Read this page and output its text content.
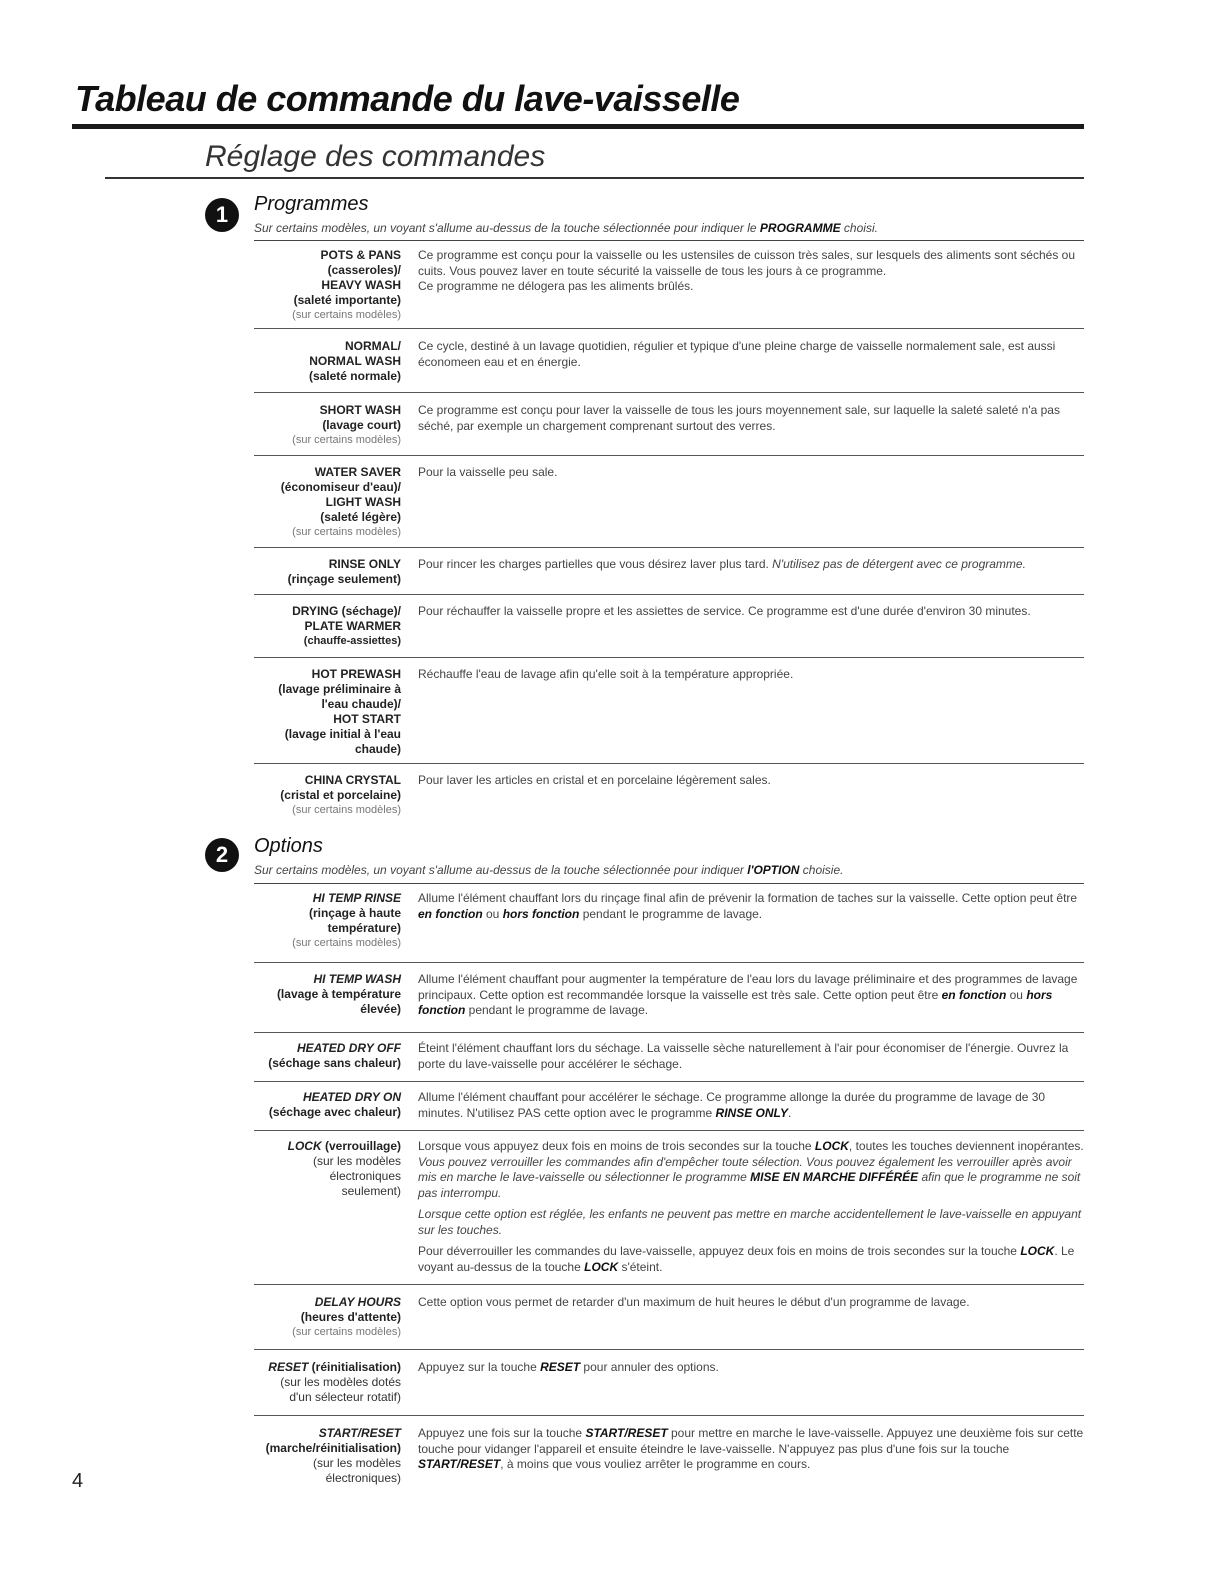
Tableau de commande du lave-vaisselle
Réglage des commandes
1	Programmes

Sur certains modèles, un voyant s'allume au-dessus de la touche sélectionnée pour indiquer le PROGRAMME choisi.

POTS & PANS
(casseroles)/
HEAVY WASH
(saleté importante)
(sur certains modèles)

Ce programme est conçu pour la vaisselle ou les ustensiles de cuisson très sales, sur lesquels des aliments sont séchés ou cuits. Vous pouvez laver en toute sécurité la vaisselle de tous les jours à ce programme.

Ce programme ne délogera pas les aliments brûlés.

NORMAL/
NORMAL WASH
(saleté normale)

Ce cycle, destiné à un lavage quotidien, régulier et typique d'une pleine charge de vaisselle normalement sale, est aussi économeen eau et en énergie.

SHORT WASH
(lavage court)
(sur certains modèles)

Ce programme est conçu pour laver la vaisselle de tous les jours moyennement sale, sur laquelle la saleté saleté n'a pas séché, par exemple un chargement comprenant surtout des verres.

WATER SAVER
(économiseur d'eau)/
LIGHT WASH
(saleté légère)
(sur certains modèles)

Pour la vaisselle peu sale.

RINSE ONLY
(rinçage seulement)

Pour rincer les charges partielles que vous désirez laver plus tard. N'utilisez pas de détergent avec ce programme.

DRYING (séchage)/
PLATE WARMER
(chauffe-assiettes)

Pour réchauffer la vaisselle propre et les assiettes de service. Ce programme est d'une durée d'environ 30 minutes.

HOT PREWASH
(lavage préliminaire à
l'eau chaude)/
HOT START
(lavage initial à l'eau
chaude)

Réchauffe l'eau de lavage afin qu'elle soit à la température appropriée.

CHINA CRYSTAL
(cristal et porcelaine)
(sur certains modèles)

Pour laver les articles en cristal et en porcelaine légèrement sales.

2	Options

Sur certains modèles, un voyant s'allume au-dessus de la touche sélectionnée pour indiquer l'OPTION choisie.

HI TEMP RINSE
(rinçage à haute
température)
(sur certains modèles)

Allume l'élément chauffant lors du rinçage final afin de prévenir la formation de taches sur la vaisselle. Cette option peut être en fonction ou hors fonction pendant le programme de lavage.

HI TEMP WASH
(lavage à température
élevée)

Allume l'élément chauffant pour augmenter la température de l'eau lors du lavage préliminaire et des programmes de lavage principaux. Cette option est recommandée lorsque la vaisselle est très sale. Cette option peut être en fonction ou hors fonction pendant le programme de lavage.

HEATED DRY OFF
(séchage sans chaleur)

Éteint l'élément chauffant lors du séchage. La vaisselle sèche naturellement à l'air pour économiser de l'énergie. Ouvrez la porte du lave-vaisselle pour accélérer le séchage.

HEATED DRY ON
(séchage avec chaleur)

Allume l'élément chauffant pour accélérer le séchage. Ce programme allonge la durée du programme de lavage de 30 minutes. N'utilisez PAS cette option avec le programme RINSE ONLY.

LOCK (verrouillage)
(sur les modèles
électroniques
seulement)

Lorsque vous appuyez deux fois en moins de trois secondes sur la touche LOCK, toutes les touches deviennent inopérantes. Vous pouvez verrouiller les commandes afin d'empêcher toute sélection. Vous pouvez également les verrouiller après avoir mis en marche le lave-vaisselle ou sélectionner le programme MISE EN MARCHE DIFFÉRÉE afin que le programme ne soit pas interrompu.

Lorsque cette option est réglée, les enfants ne peuvent pas mettre en marche accidentellement le lave-vaisselle en appuyant sur les touches.

Pour déverrouiller les commandes du lave-vaisselle, appuyez deux fois en moins de trois secondes sur la touche LOCK. Le voyant au-dessus de la touche LOCK s'éteint.

DELAY HOURS
(heures d'attente)
(sur certains modèles)

Cette option vous permet de retarder d'un maximum de huit heures le début d'un programme de lavage.

RESET (réinitialisation)
(sur les modèles dotés
d'un sélecteur rotatif)

Appuyez sur la touche RESET pour annuler des options.

START/RESET
(marche/réinitialisation)
(sur les modèles
électroniques)

Appuyez une fois sur la touche START/RESET pour mettre en marche le lave-vaisselle. Appuyez une deuxième fois sur cette touche pour vidanger l'appareil et ensuite éteindre le lave-vaisselle. N'appuyez pas plus d'une fois sur la touche START/RESET, à moins que vous vouliez arrêter le programme en cours.

4
